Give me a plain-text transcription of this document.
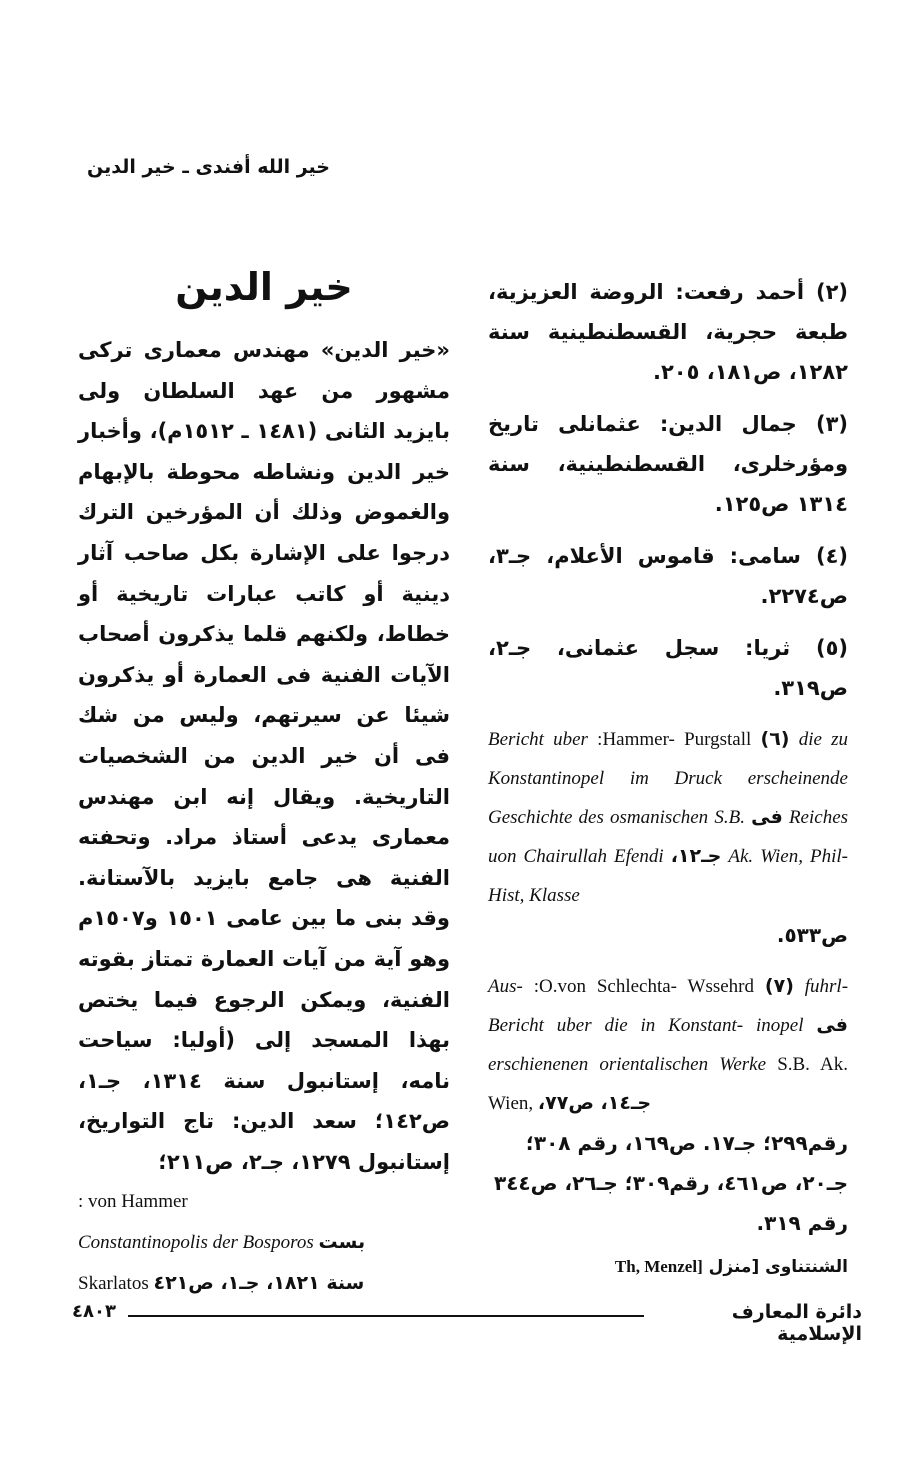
خير الله أفندى ـ خير الدين

(٢) أحمد رفعت: الروضة العزيزية، طبعة حجرية، القسطنطينية سنة ١٢٨٢، ص١٨١، ٢٠٥.

(٣) جمال الدين: عثمانلى تاريخ ومؤرخلرى، القسطنطينية، سنة ١٣١٤ ص١٢٥.

(٤) سامى: قاموس الأعلام، جـ٣، ص٢٢٧٤.

(٥) ثريا: سجل عثمانى، جـ٢، ص٣١٩.

Bericht uber :Hammer- Purgstall (٦) die zu Konstantinopel im Druck erscheinende Geschichte des osmanischen S.B. فى Reiches uon Chairullah Efendi جـ١٢، Ak. Wien, Phil-Hist, Klasse

ص٥٣٣.

Aus- :O.von Schlechta- Wssehrd (٧) fuhrl- Bericht uber die in Konstant- inopel فى erschienenen orientalischen Werke S.B. Ak. Wien, جـ١٤، ص٧٧،

رقم٢٩٩؛ جـ١٧. ص١٦٩، رقم ٣٠٨؛ جـ٢٠، ص٤٦١، رقم٣٠٩؛ جـ٢٦، ص٣٤٤ رقم ٣١٩.

الشنتناوى [منزل [Th, Menzel
خير الدين

«خير الدين» مهندس معمارى تركى مشهور من عهد السلطان ولى بايزيد الثانى (١٤٨١ ـ ١٥١٢م)، وأخبار خير الدين ونشاطه محوطة بالإبهام والغموض وذلك أن المؤرخين الترك درجوا على الإشارة بكل صاحب آثار دينية أو كاتب عبارات تاريخية أو خطاط، ولكنهم قلما يذكرون أصحاب الآيات الفنية فى العمارة أو يذكرون شيئا عن سيرتهم، وليس من شك فى أن خير الدين من الشخصيات التاريخية. ويقال إنه ابن مهندس معمارى يدعى أستاذ مراد. وتحفته الفنية هى جامع بايزيد بالآستانة. وقد بنى ما بين عامى ١٥٠١ و١٥٠٧م وهو آية من آيات العمارة تمتاز بقوته الفنية، ويمكن الرجوع فيما يختص بهذا المسجد إلى (أوليا: سياحت نامه، إستانبول سنة ١٣١٤، جـ١، ص١٤٢؛ سعد الدين: تاج التواريخ، إستانبول ١٢٧٩، جـ٢، ص٢١١؛

: von Hammer
Constantinopolis der Bosporos بست
Skarlatos سنة ١٨٢١، جـ١، ص٤٢١
٤٨٠٣	دائرة المعارف الإسلامية
